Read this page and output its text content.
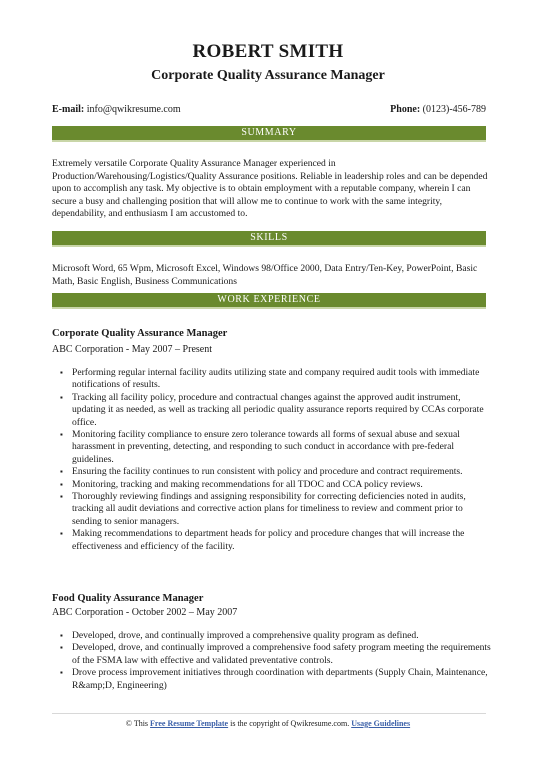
ROBERT SMITH
Corporate Quality Assurance Manager
E-mail: info@qwikresume.com	Phone: (0123)-456-789
SUMMARY
Extremely versatile Corporate Quality Assurance Manager experienced in Production/Warehousing/Logistics/Quality Assurance positions. Reliable in leadership roles and can be depended upon to accomplish any task. My objective is to obtain employment with a reputable company, wherein I can secure a busy and challenging position that will allow me to continue to work with the same integrity, dependability, and enthusiasm I am accustomed to.
SKILLS
Microsoft Word, 65 Wpm, Microsoft Excel, Windows 98/Office 2000, Data Entry/Ten-Key, PowerPoint, Basic Math, Basic English, Business Communications
WORK EXPERIENCE
Corporate Quality Assurance Manager
ABC Corporation - May 2007 – Present
▪ Performing regular internal facility audits utilizing state and company required audit tools with immediate notifications of results.
▪ Tracking all facility policy, procedure and contractual changes against the approved audit instrument, updating it as needed, as well as tracking all periodic quality assurance reports required by CCAs corporate office.
▪ Monitoring facility compliance to ensure zero tolerance towards all forms of sexual abuse and sexual harassment in preventing, detecting, and responding to such conduct in accordance with pre-federal guidelines.
▪ Ensuring the facility continues to run consistent with policy and procedure and contract requirements.
▪ Monitoring, tracking and making recommendations for all TDOC and CCA policy reviews.
▪ Thoroughly reviewing findings and assigning responsibility for correcting deficiencies noted in audits, tracking all audit deviations and corrective action plans for timeliness to review and comment prior to sending to senior managers.
▪ Making recommendations to department heads for policy and procedure changes that will increase the effectiveness and efficiency of the facility.
Food Quality Assurance Manager
ABC Corporation - October 2002 – May 2007
▪ Developed, drove, and continually improved a comprehensive quality program as defined.
▪ Developed, drove, and continually improved a comprehensive food safety program meeting the requirements of the FSMA law with effective and validated preventative controls.
▪ Drove process improvement initiatives through coordination with departments (Supply Chain, Maintenance, R&amp;D, Engineering)
© This Free Resume Template is the copyright of Qwikresume.com. Usage Guidelines
